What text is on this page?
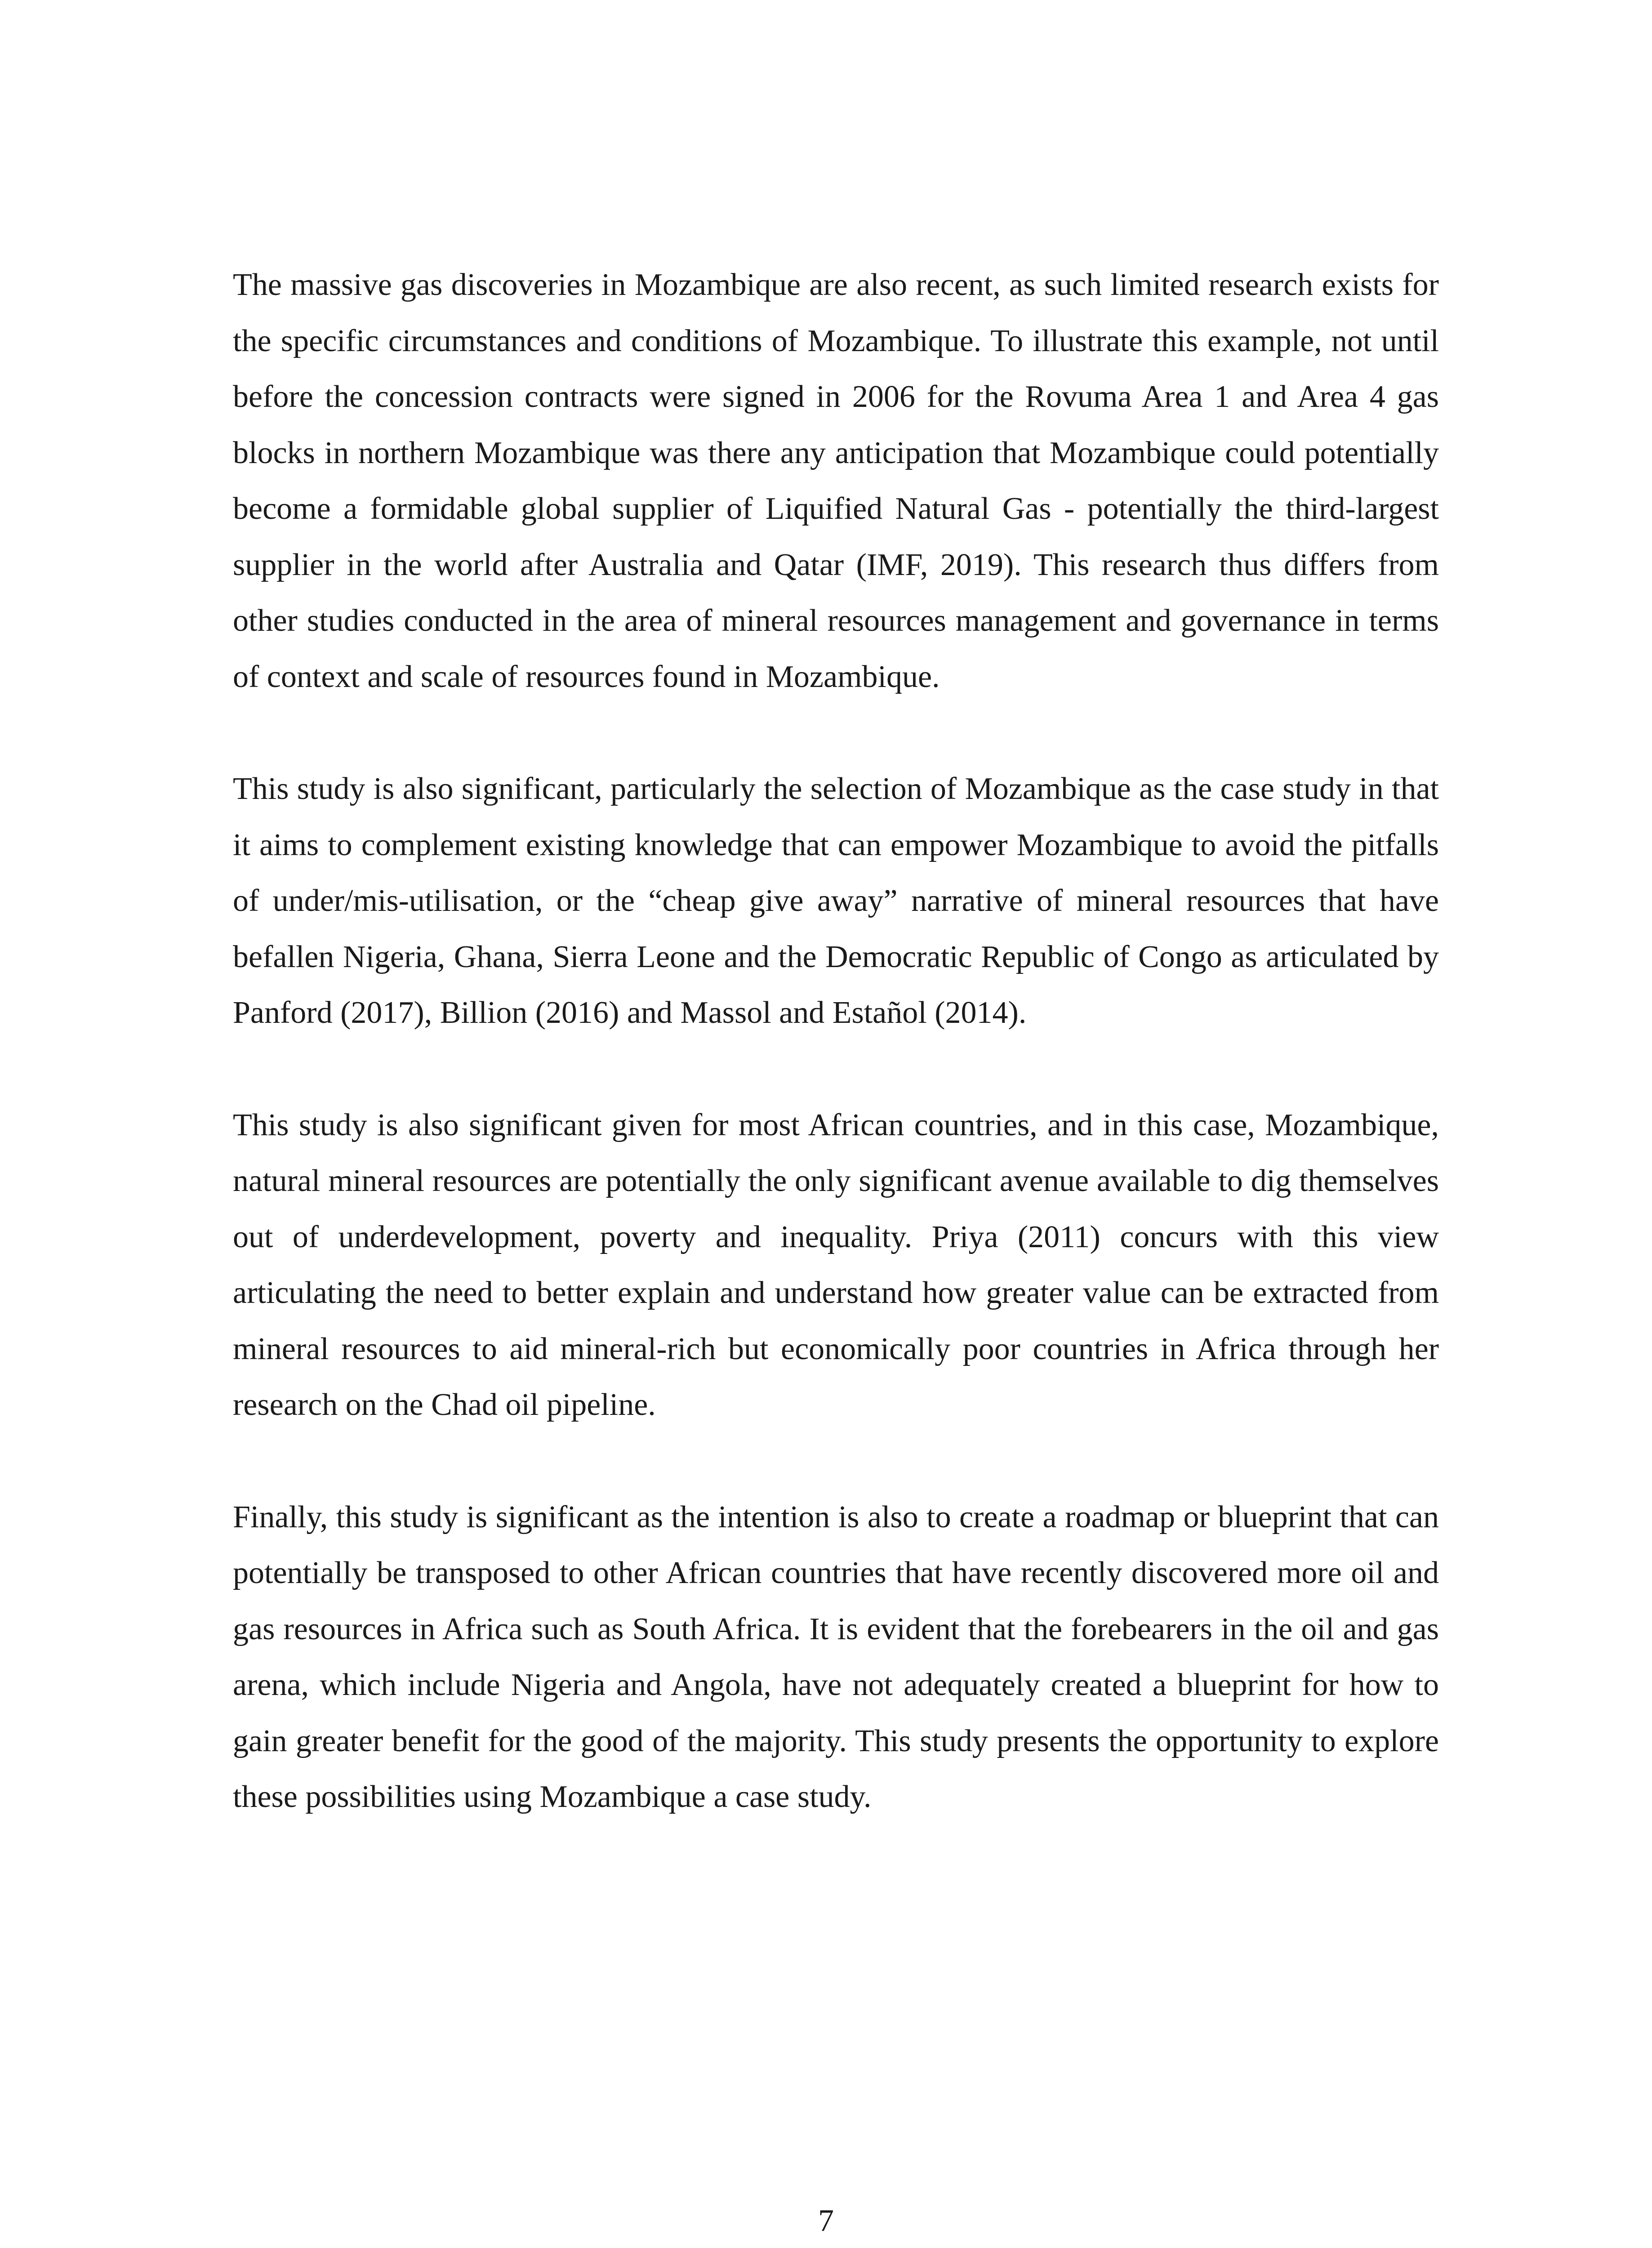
The massive gas discoveries in Mozambique are also recent, as such limited research exists for the specific circumstances and conditions of Mozambique. To illustrate this example, not until before the concession contracts were signed in 2006 for the Rovuma Area 1 and Area 4 gas blocks in northern Mozambique was there any anticipation that Mozambique could potentially become a formidable global supplier of Liquified Natural Gas - potentially the third-largest supplier in the world after Australia and Qatar (IMF, 2019). This research thus differs from other studies conducted in the area of mineral resources management and governance in terms of context and scale of resources found in Mozambique.

This study is also significant, particularly the selection of Mozambique as the case study in that it aims to complement existing knowledge that can empower Mozambique to avoid the pitfalls of under/mis-utilisation, or the “cheap give away” narrative of mineral resources that have befallen Nigeria, Ghana, Sierra Leone and the Democratic Republic of Congo as articulated by Panford (2017), Billion (2016) and Massol and Estañol (2014).

This study is also significant given for most African countries, and in this case, Mozambique, natural mineral resources are potentially the only significant avenue available to dig themselves out of underdevelopment, poverty and inequality. Priya (2011) concurs with this view articulating the need to better explain and understand how greater value can be extracted from mineral resources to aid mineral-rich but economically poor countries in Africa through her research on the Chad oil pipeline.

Finally, this study is significant as the intention is also to create a roadmap or blueprint that can potentially be transposed to other African countries that have recently discovered more oil and gas resources in Africa such as South Africa. It is evident that the forebearers in the oil and gas arena, which include Nigeria and Angola, have not adequately created a blueprint for how to gain greater benefit for the good of the majority. This study presents the opportunity to explore these possibilities using Mozambique a case study.

7
